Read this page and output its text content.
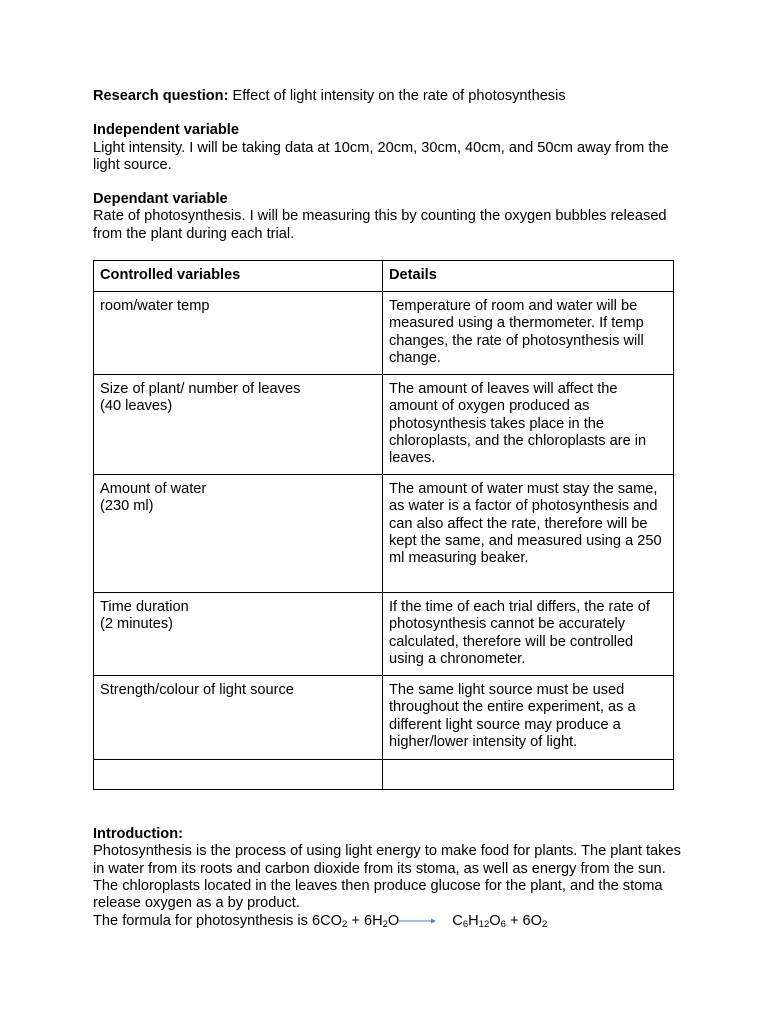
Research question: Effect of light intensity on the rate of photosynthesis

Independent variable

Light intensity. I will be taking data at 10cm, 20cm, 30cm, 40cm, and 50cm away from the light source.

Dependant variable

Rate of photosynthesis. I will be measuring this by counting the oxygen bubbles released from the plant during each trial.

Controlled variables	Details

room/water temp	Temperature of room and water will be measured using a thermometer. If temp changes, the rate of photosynthesis will change.

Size of plant/ number of leaves
(40 leaves)	The amount of leaves will affect the amount of oxygen produced as photosynthesis takes place in the chloroplasts, and the chloroplasts are in leaves.

Amount of water
(230 ml)	The amount of water must stay the same, as water is a factor of photosynthesis and can also affect the rate, therefore will be kept the same, and measured using a 250 ml measuring beaker.

Time duration
(2 minutes)	If the time of each trial differs, the rate of photosynthesis cannot be accurately calculated, therefore will be controlled using a chronometer.

Strength/colour of light source	The same light source must be used throughout the entire experiment, as a different light source may produce a higher/lower intensity of light.

Introduction:

Photosynthesis is the process of using light energy to make food for plants. The plant takes in water from its roots and carbon dioxide from its stoma, as well as energy from the sun. The chloroplasts located in the leaves then produce glucose for the plant, and the stoma release oxygen as a by product.

The formula for photosynthesis is $6CO_2 + 6H_2O\to C_6H_{12}O_6 + 6O_2$
